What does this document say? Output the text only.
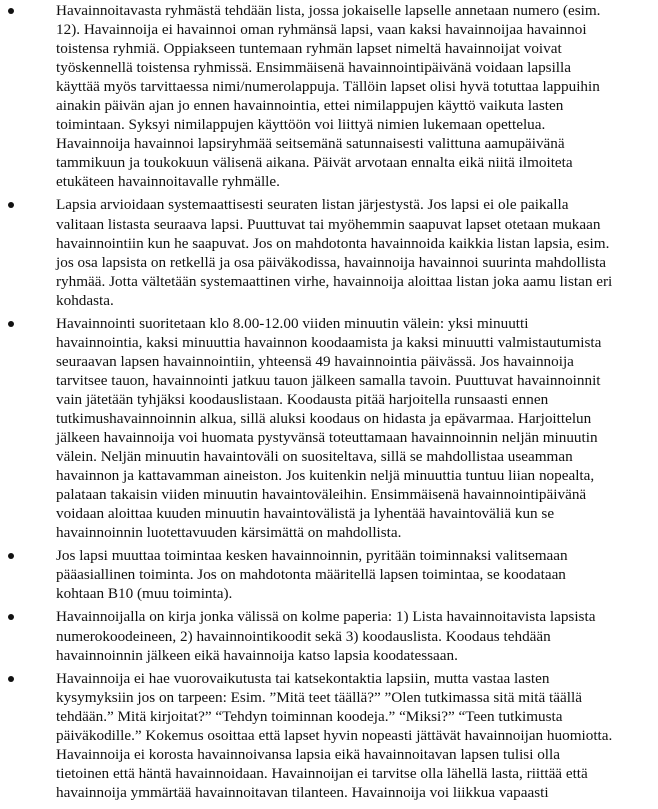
Havainnoitavasta ryhmästä tehdään lista, jossa jokaiselle lapselle annetaan numero (esim.
12). Havainnoija ei havainnoi oman ryhmänsä lapsi, vaan kaksi havainnoijaa havainnoi
toistensa ryhmiä. Oppiakseen tuntemaan ryhmän lapset nimeltä havainnoijat voivat
työskennellä toistensa ryhmissä. Ensimmäisenä havainnointipäivänä voidaan lapsilla
käyttää myös tarvittaessa nimi/numerolappuja. Tällöin lapset olisi hyvä totuttaa lappuihin
ainakin päivän ajan jo ennen havainnointia, ettei nimilappujen käyttö vaikuta lasten
toimintaan. Syksyi nimilappujen käyttöön voi liittyä nimien lukemaan opettelua.
Havainnoija havainnoi lapsiryhmää seitsemänä satunnaisesti valittuna aamupäivänä
tammikuun ja toukokuun välisenä aikana. Päivät arvotaan ennalta eikä niitä ilmoiteta
etukäteen havainnoitavalle ryhmälle.
Lapsia arvioidaan systemaattisesti seuraten listan järjestystä. Jos lapsi ei ole paikalla
valitaan listasta seuraava lapsi. Puuttuvat tai myöhemmin saapuvat lapset otetaan mukaan
havainnointiin kun he saapuvat. Jos on mahdotonta havainnoida kaikkia listan lapsia, esim.
jos osa lapsista on retkellä ja osa päiväkodissa, havainnoija havainnoi suurinta mahdollista
ryhmää. Jotta vältetään systemaattinen virhe, havainnoija aloittaa listan joka aamu listan eri
kohdasta.
Havainnointi suoritetaan klo 8.00-12.00 viiden minuutin välein: yksi minuutti
havainnointia, kaksi minuuttia havainnon koodaamista ja kaksi minuutti valmistautumista
seuraavan lapsen havainnointiin, yhteensä 49 havainnointia päivässä. Jos havainnoija
tarvitsee tauon, havainnointi jatkuu tauon jälkeen samalla tavoin. Puuttuvat havainnoinnit
vain jätetään tyhjäksi koodauslistaan. Koodausta pitää harjoitella runsaasti ennen
tutkimushavainnoinnin alkua, sillä aluksi koodaus on hidasta ja epävarmaa. Harjoittelun
jälkeen havainnoija voi huomata pystyvänsä toteuttamaan havainnoinnin neljän minuutin
välein. Neljän minuutin havaintoväli on suositeltava, sillä se mahdollistaa useamman
havainnon ja kattavamman aineiston. Jos kuitenkin neljä minuuttia tuntuu liian nopealta,
palataan takaisin viiden minuutin havaintoväleihin. Ensimmäisenä havainnointipäivänä
voidaan aloittaa kuuden minuutin havaintovälistä ja lyhentää havaintoväliä kun se
havainnoinnin luotettavuuden kärsimättä on mahdollista.
Jos lapsi muuttaa toimintaa kesken havainnoinnin, pyritään toiminnaksi valitsemaan
pääasiallinen toiminta. Jos on mahdotonta määritellä lapsen toimintaa, se koodataan
kohtaan B10 (muu toiminta).
Havainnoijalla on kirja jonka välissä on kolme paperia: 1) Lista havainnoitavista lapsista
numerokoodeineen, 2) havainnointikoodit sekä 3) koodauslista. Koodaus tehdään
havainnoinnin jälkeen eikä havainnoija katso lapsia koodatessaan.
Havainnoija ei hae vuorovaikutusta tai katsekontaktia lapsiin, mutta vastaa lasten
kysymyksiin jos on tarpeen: Esim. ”Mitä teet täällä?” ”Olen tutkimassa sitä mitä täällä
tehdään.” Mitä kirjoitat?” “Tehdyn toiminnan koodeja.” “Miksi?” “Teen tutkimusta
päiväkodille.” Kokemus osoittaa että lapset hyvin nopeasti jättävät havainnoijan huomiotta.
Havainnoija ei korosta havainnoivansa lapsia eikä havainnoitavan lapsen tulisi olla
tietoinen että häntä havainnoidaan. Havainnoijan ei tarvitse olla lähellä lasta, riittää että
havainnoija ymmärtää havainnoitavan tilanteen. Havainnoija voi liikkua vapaasti
